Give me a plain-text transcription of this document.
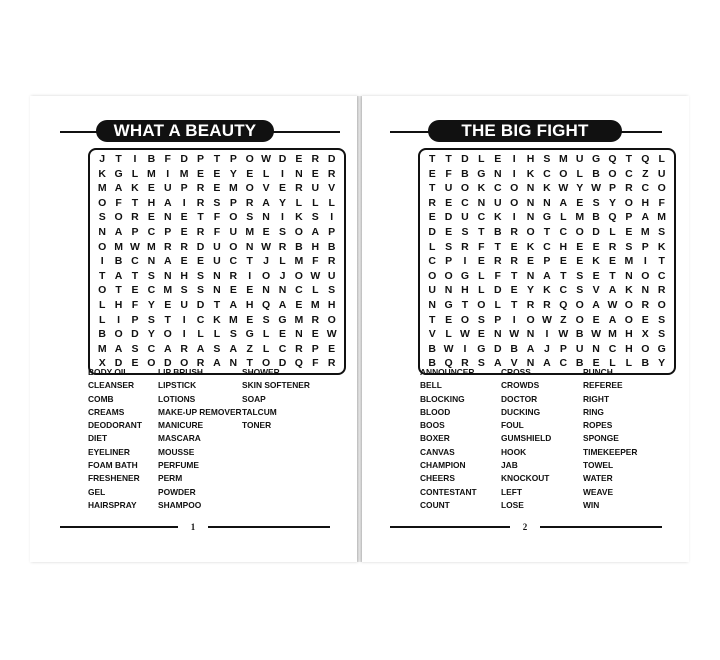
WHAT A BEAUTY
J T	I	B F D P T P O W D E R D
K G L M	I	M E E Y E L	I	N E R
M A K E U P R E M O V E R U V
O F T H A	I	R S P R A Y L L L
S O R E N E T F O S N	I	K S	I
N A P C P E R F U M E S O A P
O M W M R R D U O N W R B H B
I	B C N A E E U C T J L M F R
T A T S N H S N R	I	O J O W U
O T E C M S S N E E N N C L S
L H F Y E U D T A H Q A E M H
L	I	P S T	I	C K M E S G M R O
B O D Y O	I	L L S G L E N E W
M A S C A R A S A Z L C R P E
X D E O D O R A N T O D Q F R
BODY OIL
CLEANSER
COMB
CREAMS
DEODORANT
DIET
EYELINER
FOAM BATH
FRESHENER
GEL
HAIRSPRAY
LIP BRUSH
LIPSTICK
LOTIONS
MAKE-UP REMOVER
MANICURE
MASCARA
MOUSSE
PERFUME
PERM
POWDER
SHAMPOO
SHOWER
SKIN SOFTENER
SOAP
TALCUM
TONER
1
THE BIG FIGHT
T T D L E	I	H S M U G Q T Q L
E F B G N	I	K C O L B O C Z U
T U O K C O N K W Y W P R C O
R E C N U O N N A E S Y O H F
E D U C K	I	N G L M B Q P A M
D E S T B R O T C O D L E M S
L S R F T E K C H E E R S P K
C P	I	E R R E P E E K E M	I	T
O O G L F T N A T S E T N O C
U N H L D E Y K C S V A K N R
N G T O L T R R Q O A W O R O
T E O S P	I	O W Z O E A O E S
V L W E N W N	I W B W M H X S
B W I	G D B A J P U N C H O G
B Q R S A V N A C B E L L B Y
ANNOUNCER
BELL
BLOCKING
BLOOD
BOOS
BOXER
CANVAS
CHAMPION
CHEERS
CONTESTANT
COUNT
CROSS
CROWDS
DOCTOR
DUCKING
FOUL
GUMSHIELD
HOOK
JAB
KNOCKOUT
LEFT
LOSE
PUNCH
REFEREE
RIGHT
RING
ROPES
SPONGE
TIMEKEEPER
TOWEL
WATER
WEAVE
WIN
2
